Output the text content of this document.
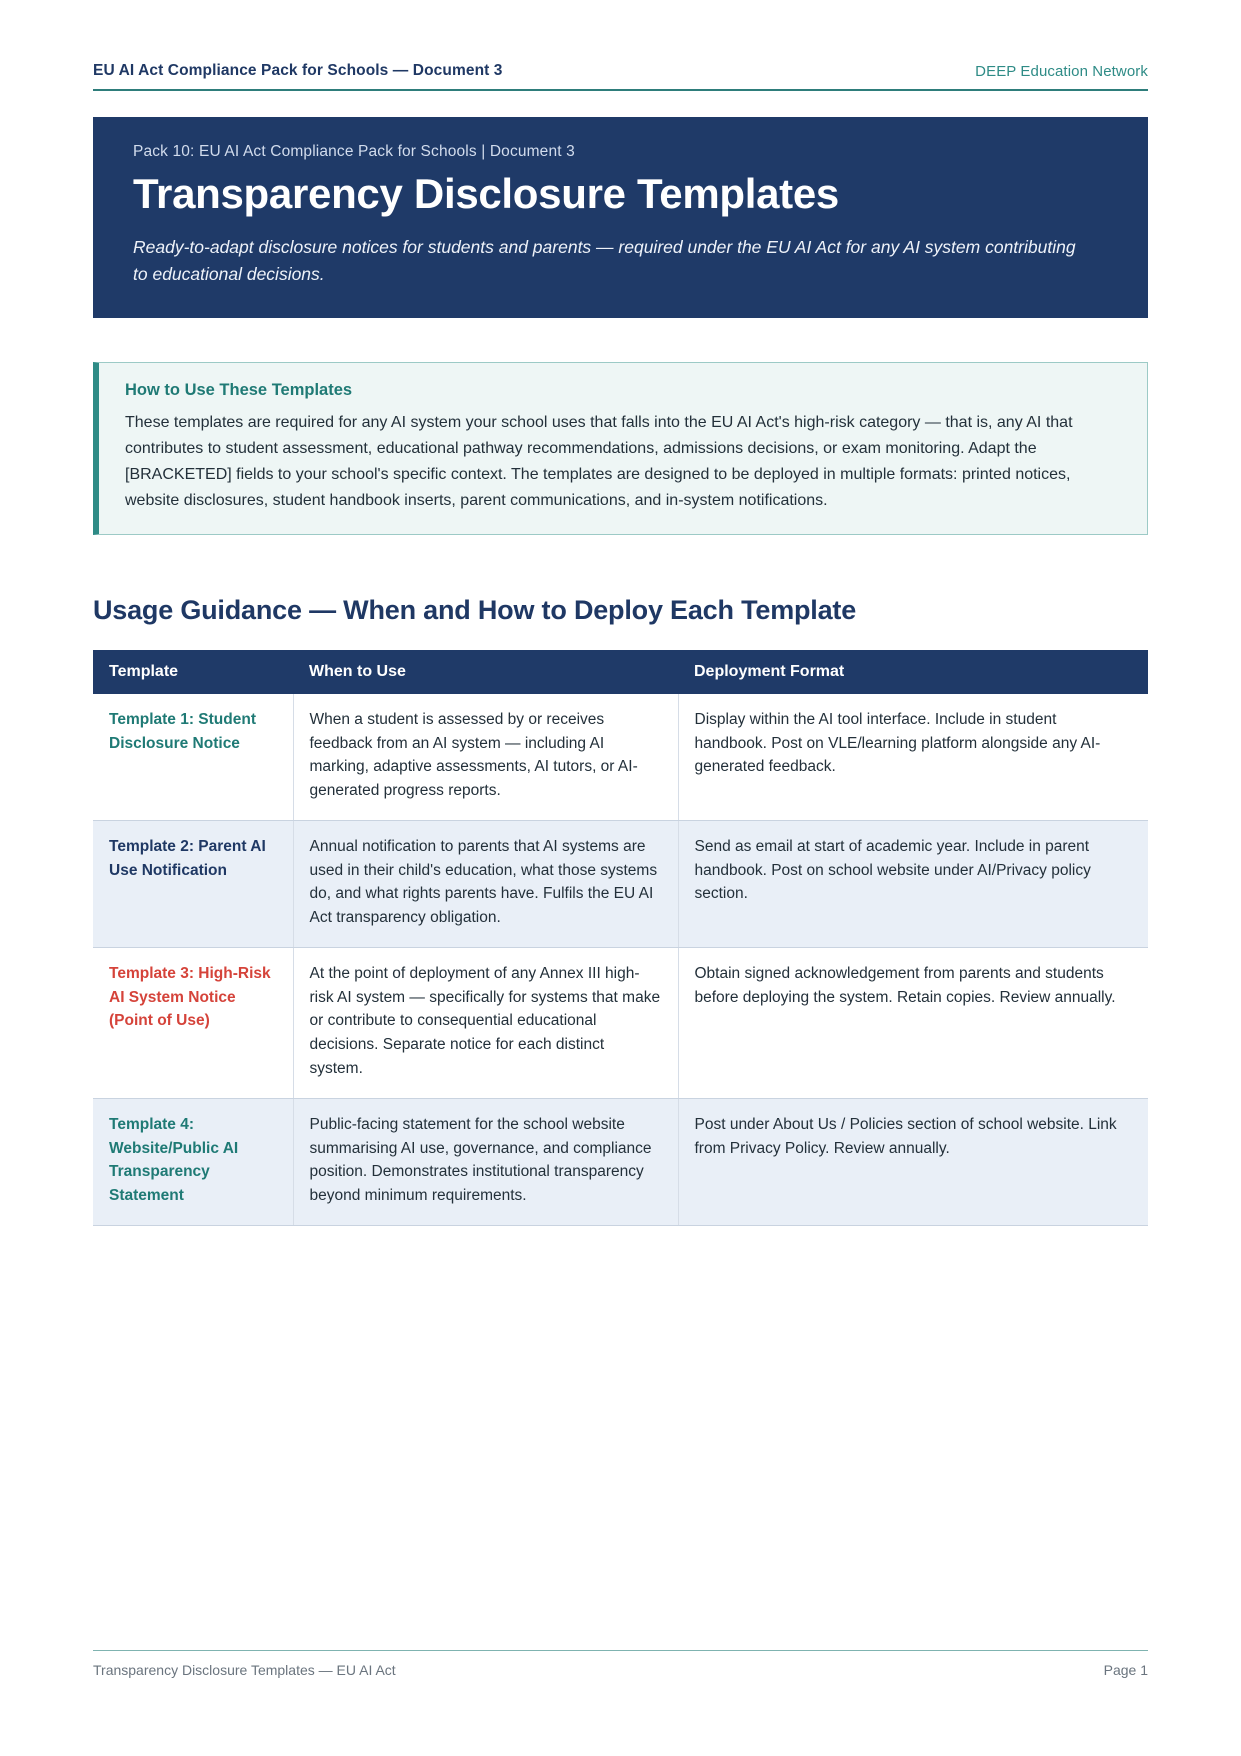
EU AI Act Compliance Pack for Schools — Document 3	DEEP Education Network
Pack 10: EU AI Act Compliance Pack for Schools | Document 3
Transparency Disclosure Templates
Ready-to-adapt disclosure notices for students and parents — required under the EU AI Act for any AI system contributing to educational decisions.
How to Use These Templates
These templates are required for any AI system your school uses that falls into the EU AI Act's high-risk category — that is, any AI that contributes to student assessment, educational pathway recommendations, admissions decisions, or exam monitoring. Adapt the [BRACKETED] fields to your school's specific context. The templates are designed to be deployed in multiple formats: printed notices, website disclosures, student handbook inserts, parent communications, and in-system notifications.
Usage Guidance — When and How to Deploy Each Template
Template	When to Use	Deployment Format
Template 1: Student Disclosure Notice	When a student is assessed by or receives feedback from an AI system — including AI marking, adaptive assessments, AI tutors, or AI-generated progress reports.	Display within the AI tool interface. Include in student handbook. Post on VLE/learning platform alongside any AI-generated feedback.
Template 2: Parent AI Use Notification	Annual notification to parents that AI systems are used in their child's education, what those systems do, and what rights parents have. Fulfils the EU AI Act transparency obligation.	Send as email at start of academic year. Include in parent handbook. Post on school website under AI/Privacy policy section.
Template 3: High-Risk AI System Notice (Point of Use)	At the point of deployment of any Annex III high-risk AI system — specifically for systems that make or contribute to consequential educational decisions. Separate notice for each distinct system.	Obtain signed acknowledgement from parents and students before deploying the system. Retain copies. Review annually.
Template 4: Website/Public AI Transparency Statement	Public-facing statement for the school website summarising AI use, governance, and compliance position. Demonstrates institutional transparency beyond minimum requirements.	Post under About Us / Policies section of school website. Link from Privacy Policy. Review annually.
Transparency Disclosure Templates — EU AI Act	Page 1
